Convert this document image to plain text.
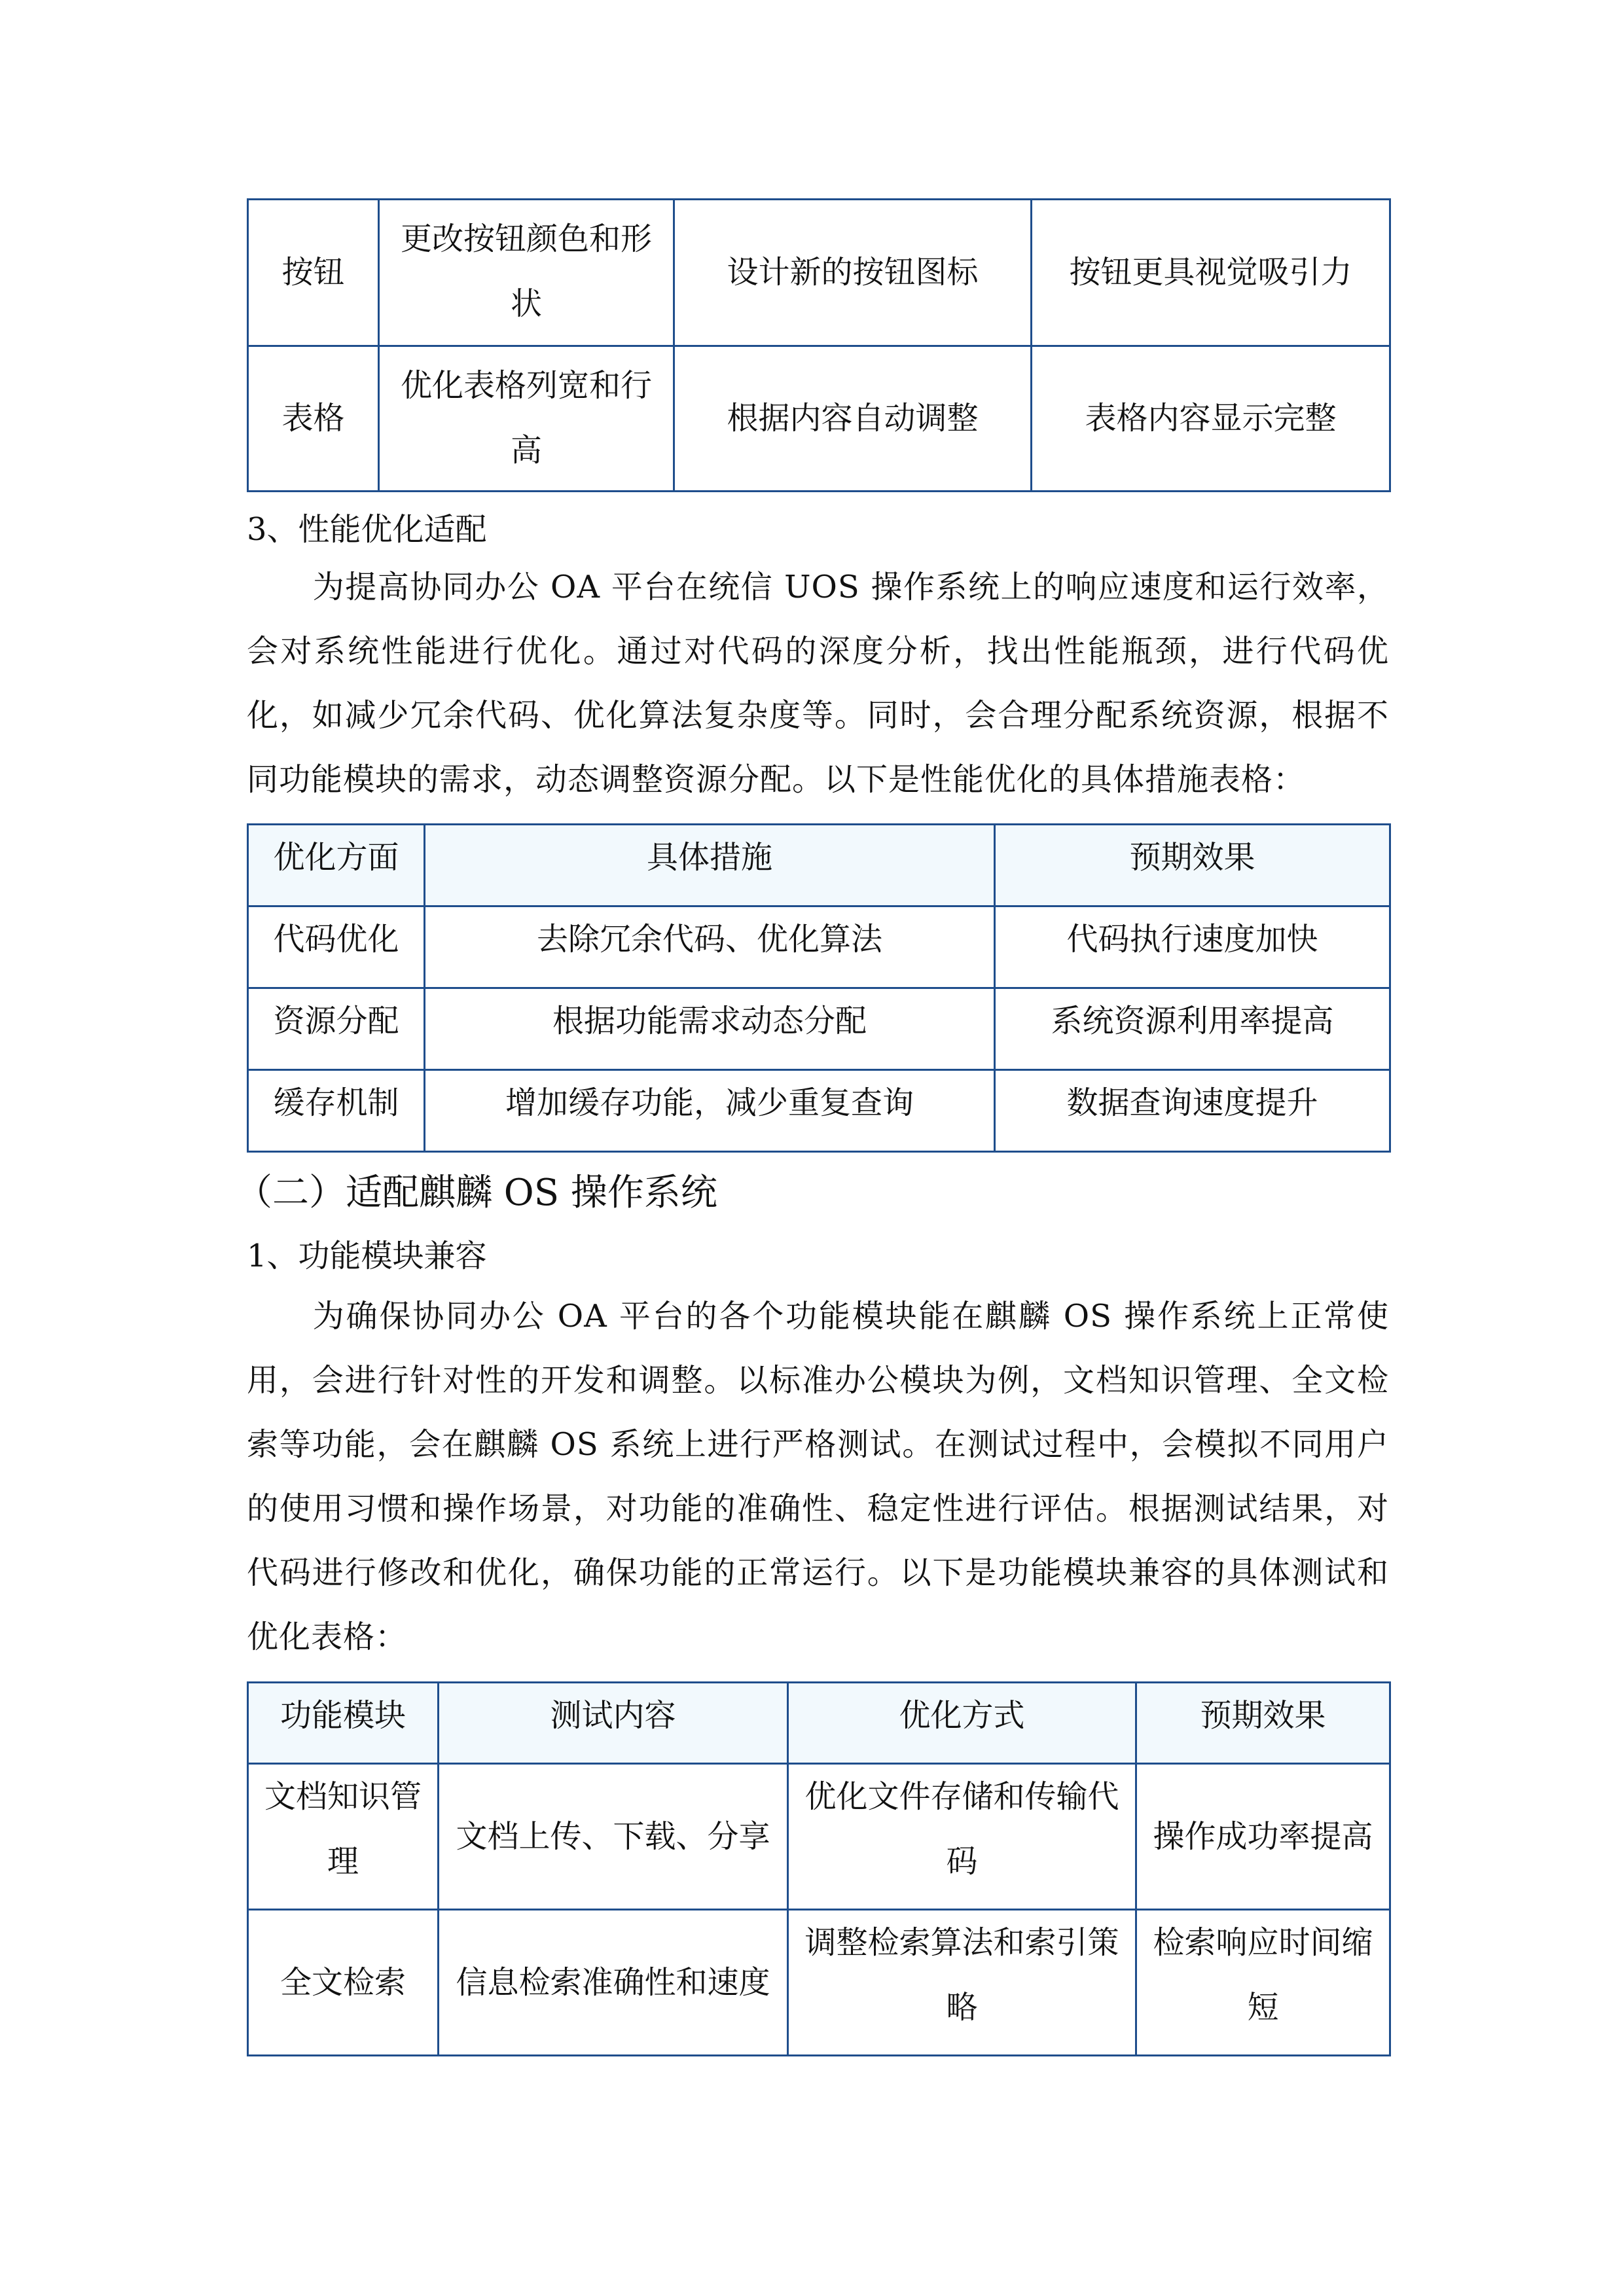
按钮	更改按钮颜色和形状	设计新的按钮图标	按钮更具视觉吸引力
表格	优化表格列宽和行高	根据内容自动调整	表格内容显示完整
3、性能优化适配
为提高协同办公 OA 平台在统信 UOS 操作系统上的响应速度和运行效率，会对系统性能进行优化。通过对代码的深度分析，找出性能瓶颈，进行代码优化，如减少冗余代码、优化算法复杂度等。同时，会合理分配系统资源，根据不同功能模块的需求，动态调整资源分配。以下是性能优化的具体措施表格：
优化方面	具体措施	预期效果
代码优化	去除冗余代码、优化算法	代码执行速度加快
资源分配	根据功能需求动态分配	系统资源利用率提高
缓存机制	增加缓存功能，减少重复查询	数据查询速度提升
（二）适配麒麟 OS 操作系统
1、功能模块兼容
为确保协同办公 OA 平台的各个功能模块能在麒麟 OS 操作系统上正常使用，会进行针对性的开发和调整。以标准办公模块为例，文档知识管理、全文检索等功能，会在麒麟 OS 系统上进行严格测试。在测试过程中，会模拟不同用户的使用习惯和操作场景，对功能的准确性、稳定性进行评估。根据测试结果，对代码进行修改和优化，确保功能的正常运行。以下是功能模块兼容的具体测试和优化表格：
功能模块	测试内容	优化方式	预期效果
文档知识管理	文档上传、下载、分享	优化文件存储和传输代码	操作成功率提高
全文检索	信息检索准确性和速度	调整检索算法和索引策略	检索响应时间缩短
